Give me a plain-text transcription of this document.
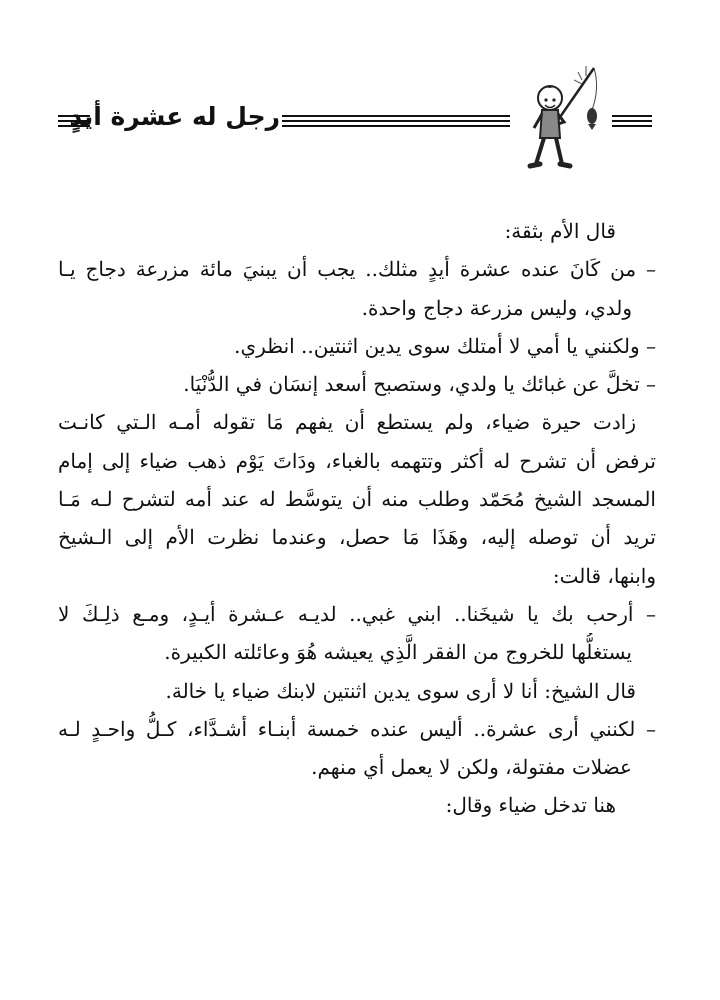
رجل له عشرة أيدٍ
قال الأم بثقة:
– من كَانَ عنده عشرة أيدٍ مثلك.. يجب أن يبنيَ مائة مزرعة دجاج يـا
ولدي، وليس مزرعة دجاج واحدة.
– ولكنني يا أمي لا أمتلك سوى يدين اثنتين.. انظري.
– تخلَّ عن غبائك يا ولدي، وستصبح أسعد إنسَان في الدُّنْيَا.
زادت حيرة ضياء، ولم يستطع أن يفهم مَا تقوله أمـه الـتي كانـت
ترفض أن تشرح له أكثر وتتهمه بالغباء، ودَاتَ يَوْم ذهب ضياء إلى إمام
المسجد الشيخ مُحَمّد وطلب منه أن يتوسَّط له عند أمه لتشرح لـه مَـا
تريد أن توصله إليه، وهَذَا مَا حصل، وعندما نظرت الأم إلى الـشيخ
وابنها، قالت:
– أرحب بك يا شيخَنا.. ابني غبي.. لديـه عـشرة أيـدٍ، ومـع ذلِـكَ لا
يستغلُّها للخروج من الفقر الَّذِي يعيشه هُوَ وعائلته الكبيرة.
قال الشيخ: أنا لا أرى سوى يدين اثنتين لابنك ضياء يا خالة.
– لكنني أرى عشرة.. أليس عنده خمسة أبنـاء أشـدَّاء، كـلُّ واحـدٍ لـه
عضلات مفتولة، ولكن لا يعمل أي منهم.
هنا تدخل ضياء وقال:
